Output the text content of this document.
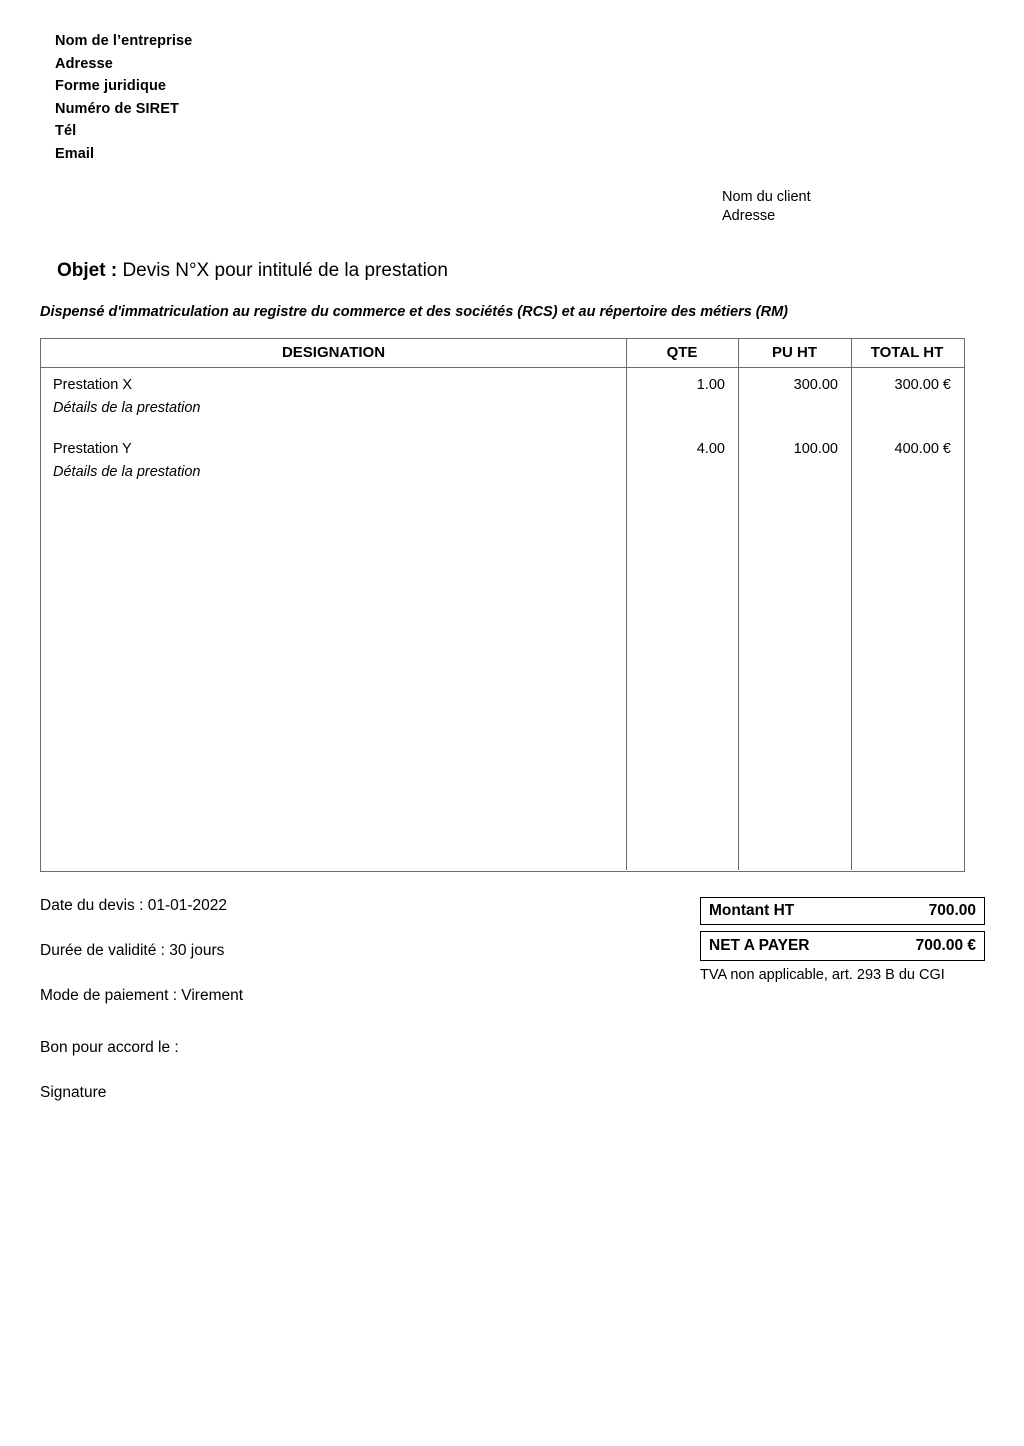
Nom de l’entreprise
Adresse
Forme juridique
Numéro de SIRET
Tél
Email
Nom du client
Adresse
Objet : Devis N°X pour intitulé de la prestation
Dispensé d'immatriculation au registre du commerce et des sociétés (RCS) et au répertoire des métiers (RM)
DESIGNATION	QTE	PU HT	TOTAL HT
Prestation X
Détails de la prestation
1.00	300.00	300.00 €
Prestation Y
Détails de la prestation
4.00	100.00	400.00 €
Date du devis : 01-01-2022
Durée de validité : 30 jours
Mode de paiement : Virement
Bon pour accord le :
Signature
Montant HT	700.00
NET A PAYER	700.00 €
TVA non applicable, art. 293 B du CGI
